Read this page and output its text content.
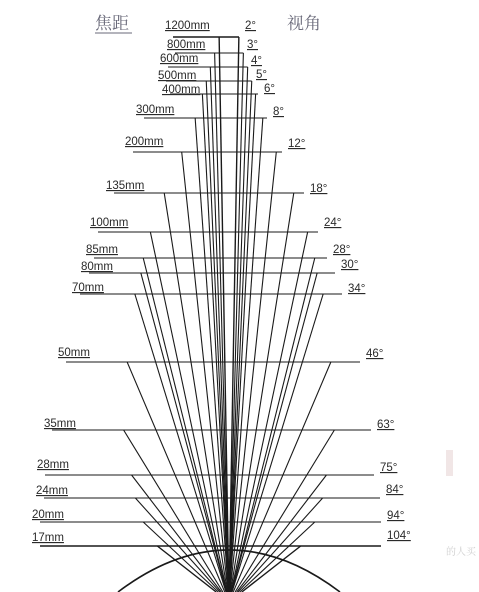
焦距	视角
的人买
1200mm	2°
800mm	3°
600mm	4°
500mm	5°
400mm	6°
300mm	8°
200mm	12°
135mm	18°
100mm	24°
85mm	28°
80mm	30°
70mm	34°
50mm	46°
35mm	63°
28mm	75°
24mm	84°
20mm	94°
17mm	104°
